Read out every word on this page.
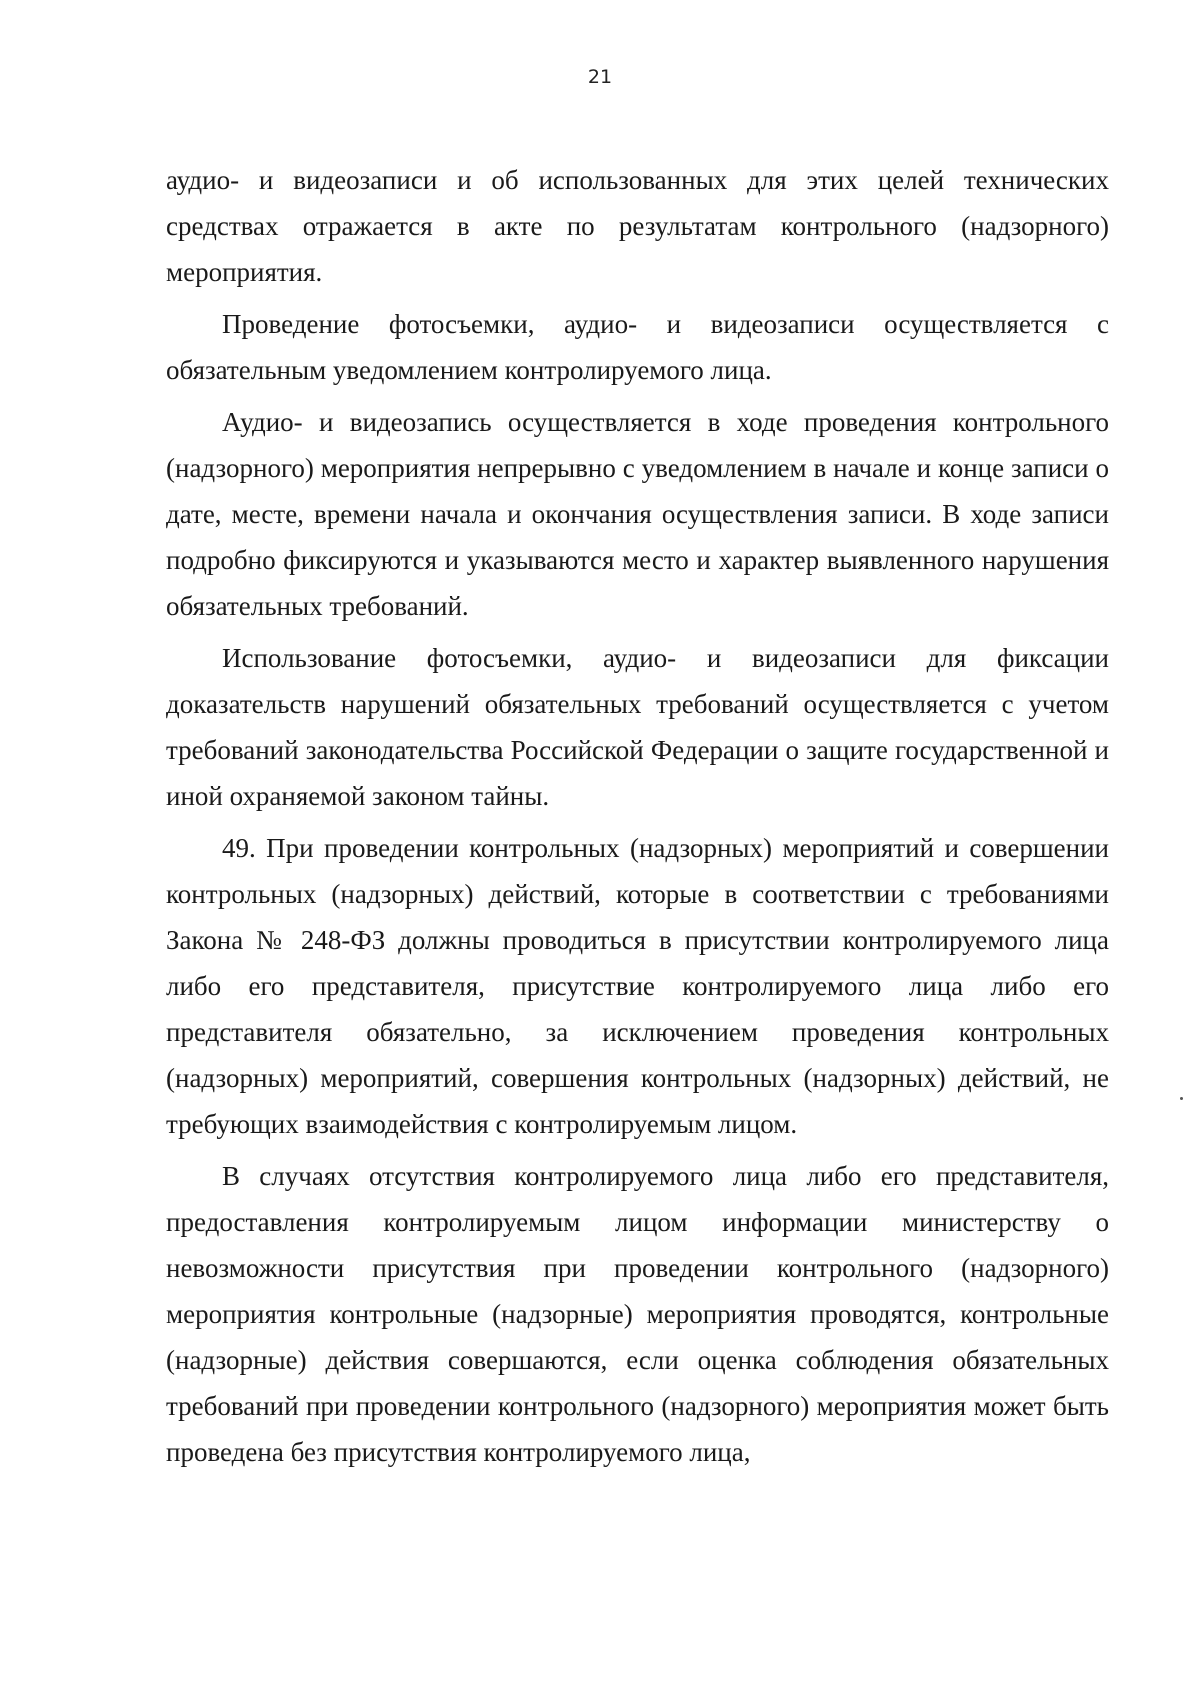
21

аудио- и видеозаписи и об использованных для этих целей технических средствах отражается в акте по результатам контрольного (надзорного) мероприятия.

Проведение фотосъемки, аудио- и видеозаписи осуществляется с обязательным уведомлением контролируемого лица.

Аудио- и видеозапись осуществляется в ходе проведения контрольного (надзорного) мероприятия непрерывно с уведомлением в начале и конце записи о дате, месте, времени начала и окончания осуществления записи. В ходе записи подробно фиксируются и указываются место и характер выявленного нарушения обязательных требований.

Использование фотосъемки, аудио- и видеозаписи для фиксации доказательств нарушений обязательных требований осуществляется с учетом требований законодательства Российской Федерации о защите государственной и иной охраняемой законом тайны.

49. При проведении контрольных (надзорных) мероприятий и совершении контрольных (надзорных) действий, которые в соответствии с требованиями Закона № 248-ФЗ должны проводиться в присутствии контролируемого лица либо его представителя, присутствие контролируемого лица либо его представителя обязательно, за исключением проведения контрольных (надзорных) мероприятий, совершения контрольных (надзорных) действий, не требующих взаимодействия с контролируемым лицом.

В случаях отсутствия контролируемого лица либо его представителя, предоставления контролируемым лицом информации министерству о невозможности присутствия при проведении контрольного (надзорного) мероприятия контрольные (надзорные) мероприятия проводятся, контрольные (надзорные) действия совершаются, если оценка соблюдения обязательных требований при проведении контрольного (надзорного) мероприятия может быть проведена без присутствия контролируемого лица,
